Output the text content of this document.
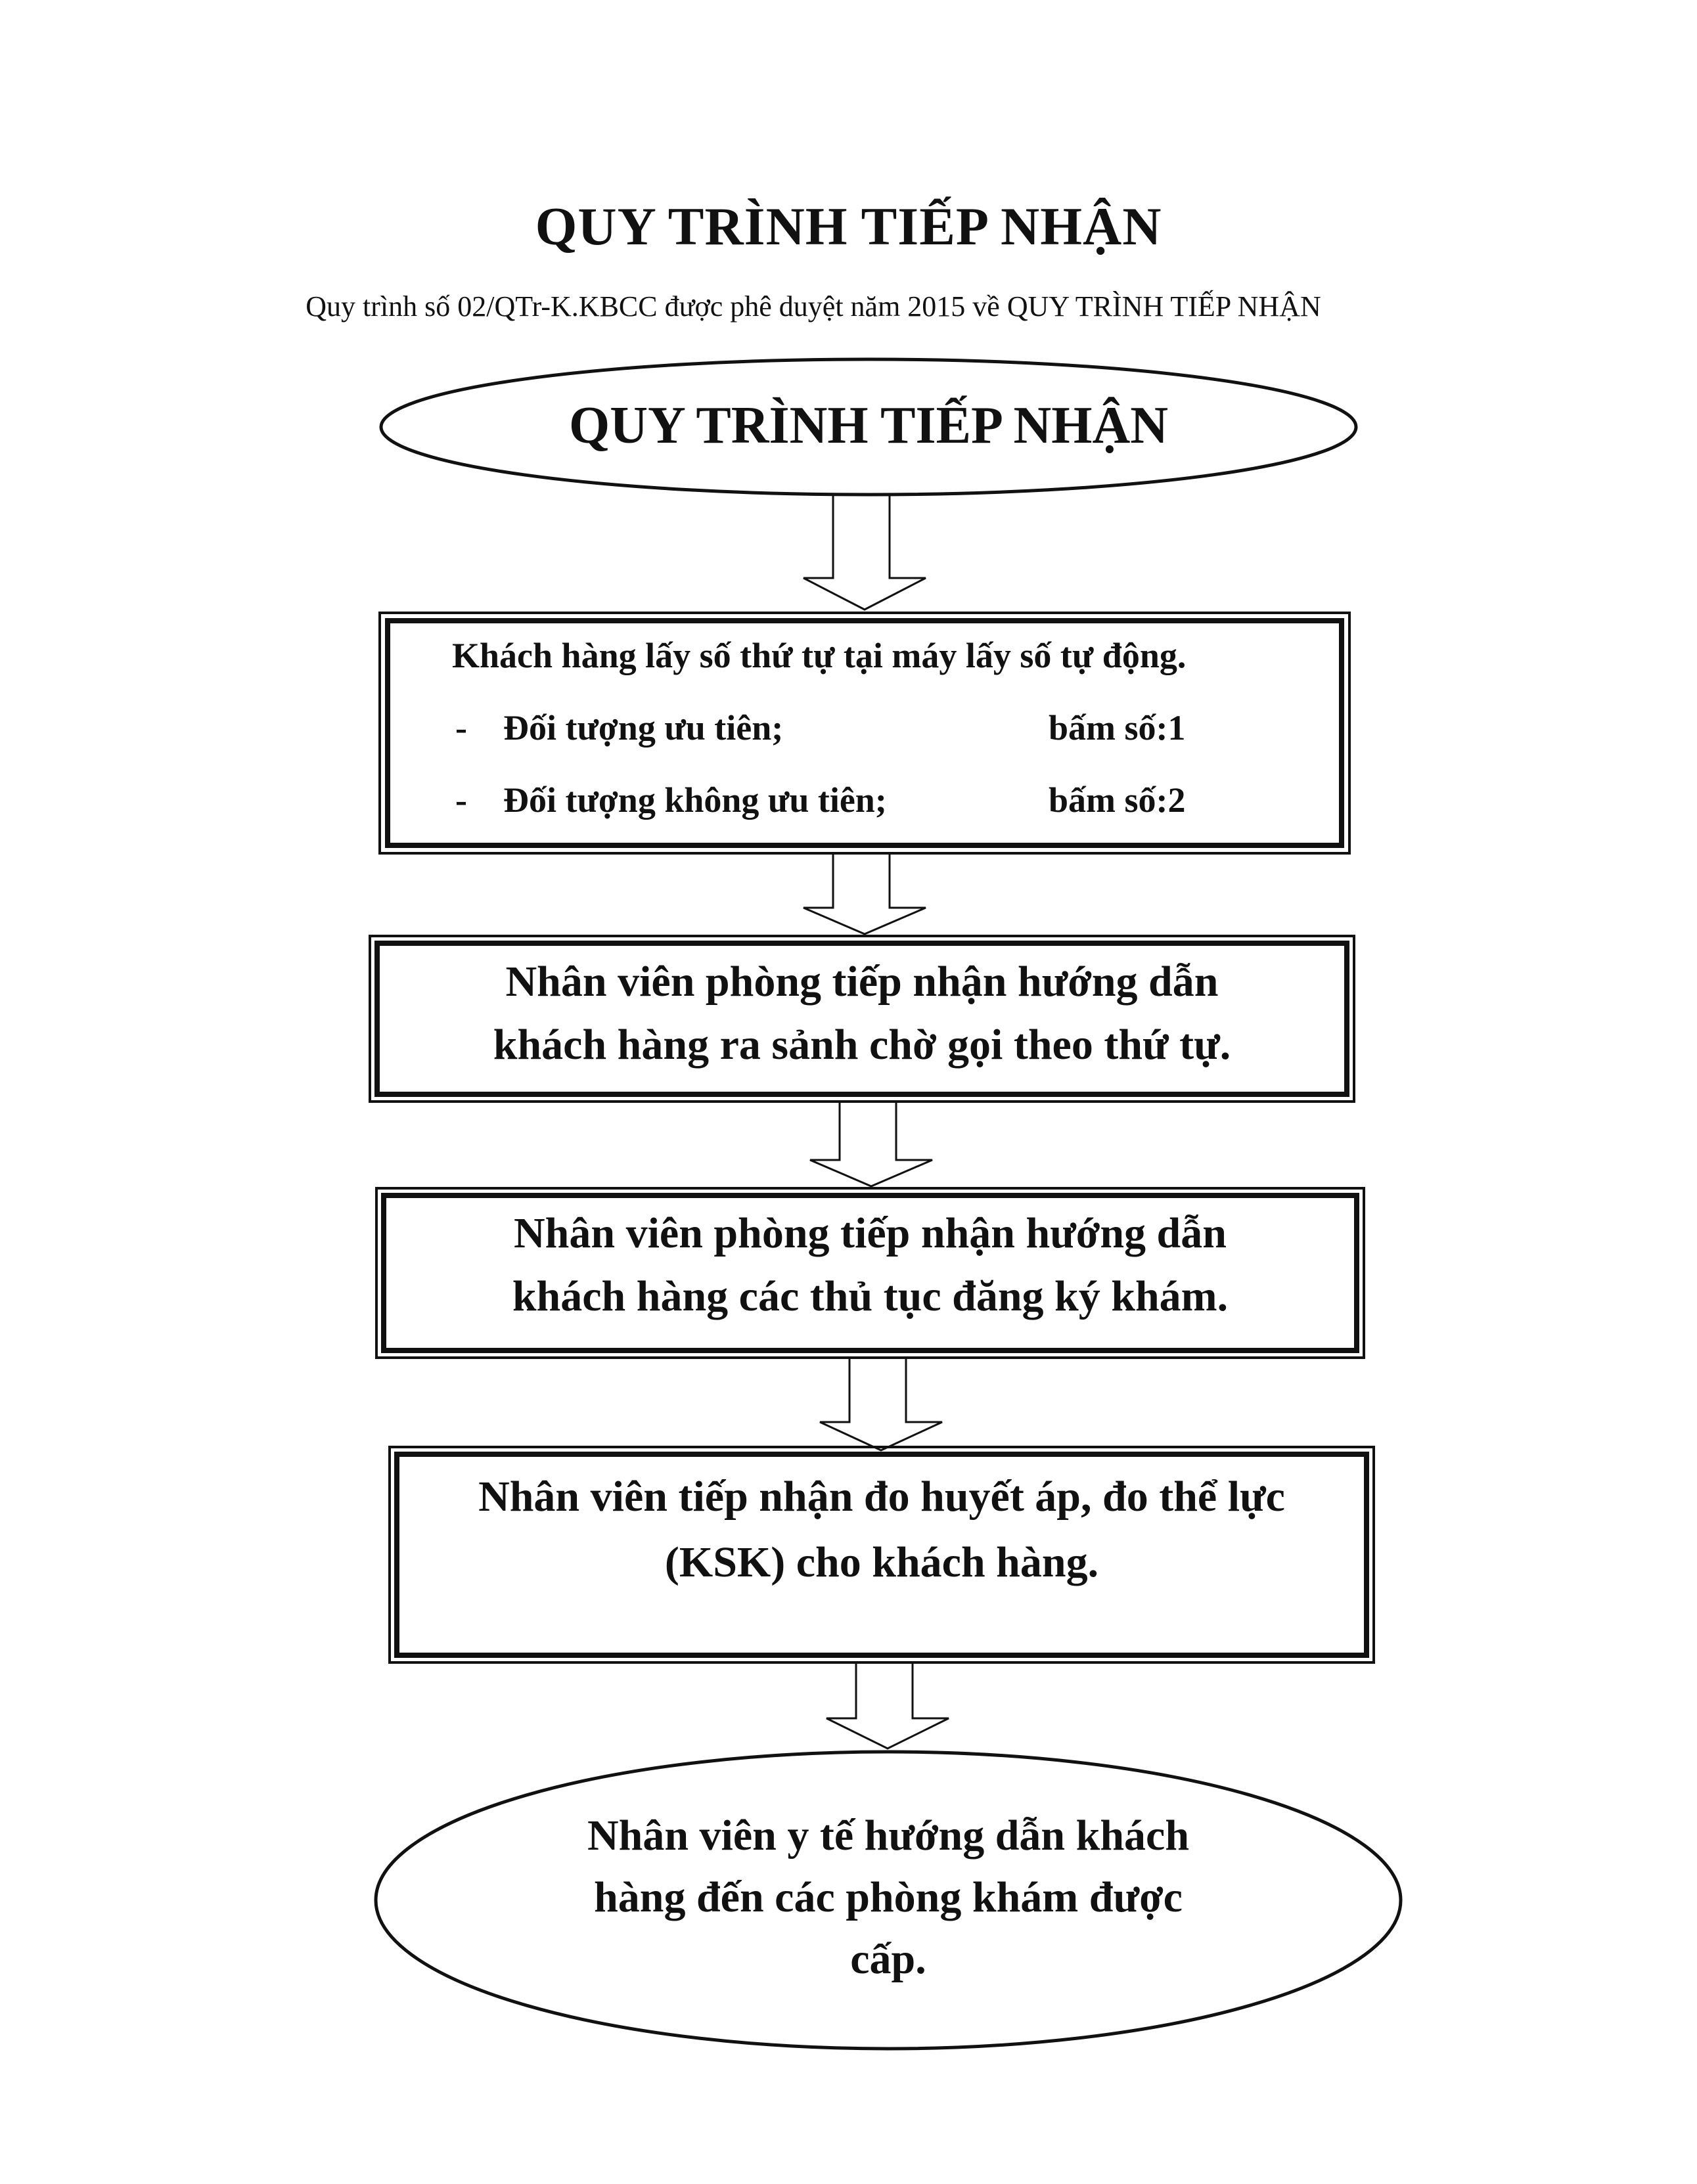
QUY TRÌNH TIẾP NHẬN
Quy trình số 02/QTr-K.KBCC được phê duyệt năm 2015 về QUY TRÌNH TIẾP NHẬN
QUY TRÌNH TIẾP NHẬN
Khách hàng lấy số thứ tự tại máy lấy số tự động.
- Đối tượng ưu tiên;	bấm số:1
- Đối tượng không ưu tiên;	bấm số:2
Nhân viên phòng tiếp nhận hướng dẫn
khách hàng ra sảnh chờ gọi theo thứ tự.
Nhân viên phòng tiếp nhận hướng dẫn
khách hàng các thủ tục đăng ký khám.
Nhân viên tiếp nhận đo huyết áp, đo thể lực
(KSK) cho khách hàng.
Nhân viên y tế hướng dẫn khách
hàng đến các phòng khám được
cấp.
